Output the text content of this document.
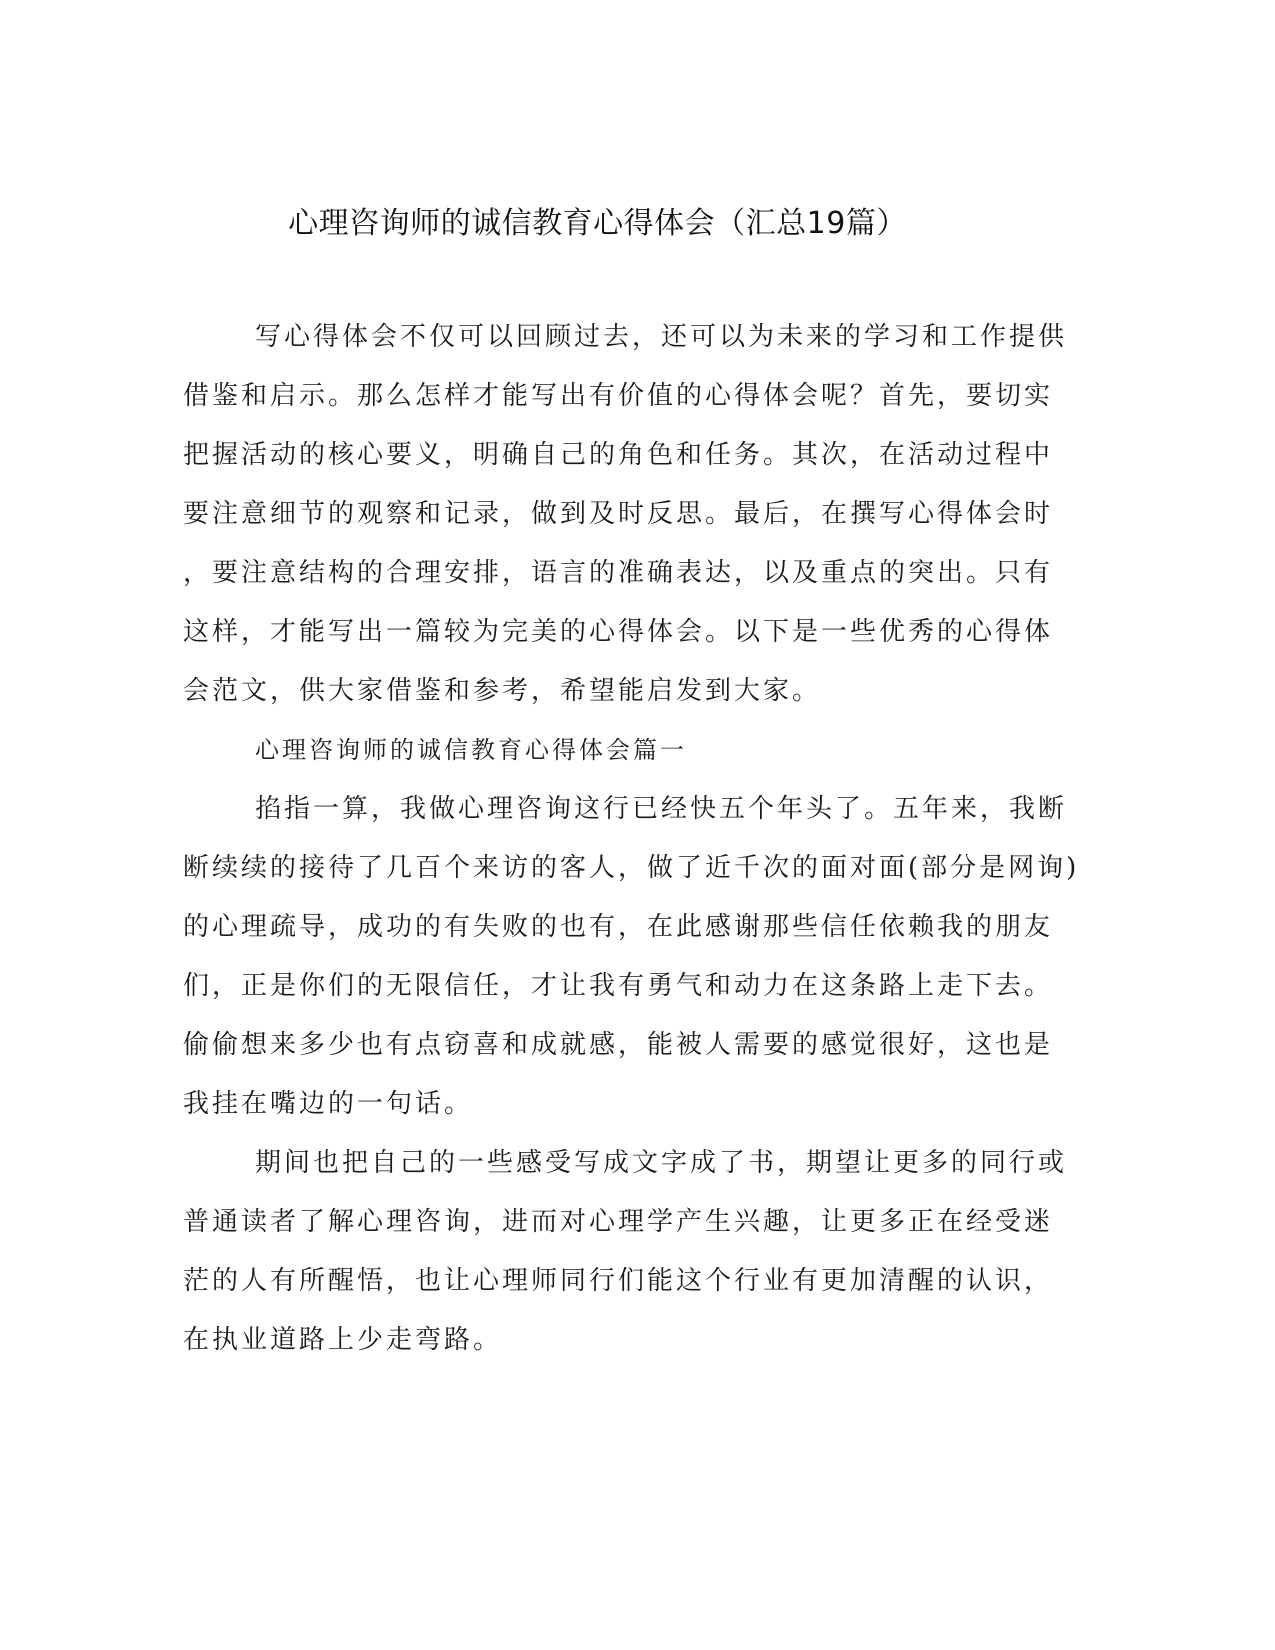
心理咨询师的诚信教育心得体会（汇总19篇）
写心得体会不仅可以回顾过去，还可以为未来的学习和工作提供
借鉴和启示。那么怎样才能写出有价值的心得体会呢？首先，要切实
把握活动的核心要义，明确自己的角色和任务。其次，在活动过程中
要注意细节的观察和记录，做到及时反思。最后，在撰写心得体会时
，要注意结构的合理安排，语言的准确表达，以及重点的突出。只有
这样，才能写出一篇较为完美的心得体会。以下是一些优秀的心得体
会范文，供大家借鉴和参考，希望能启发到大家。
心理咨询师的诚信教育心得体会篇一
掐指一算，我做心理咨询这行已经快五个年头了。五年来，我断
断续续的接待了几百个来访的客人，做了近千次的面对面(部分是网询)
的心理疏导，成功的有失败的也有，在此感谢那些信任依赖我的朋友
们，正是你们的无限信任，才让我有勇气和动力在这条路上走下去。
偷偷想来多少也有点窃喜和成就感，能被人需要的感觉很好，这也是
我挂在嘴边的一句话。
期间也把自己的一些感受写成文字成了书，期望让更多的同行或
普通读者了解心理咨询，进而对心理学产生兴趣，让更多正在经受迷
茫的人有所醒悟，也让心理师同行们能这个行业有更加清醒的认识，
在执业道路上少走弯路。
